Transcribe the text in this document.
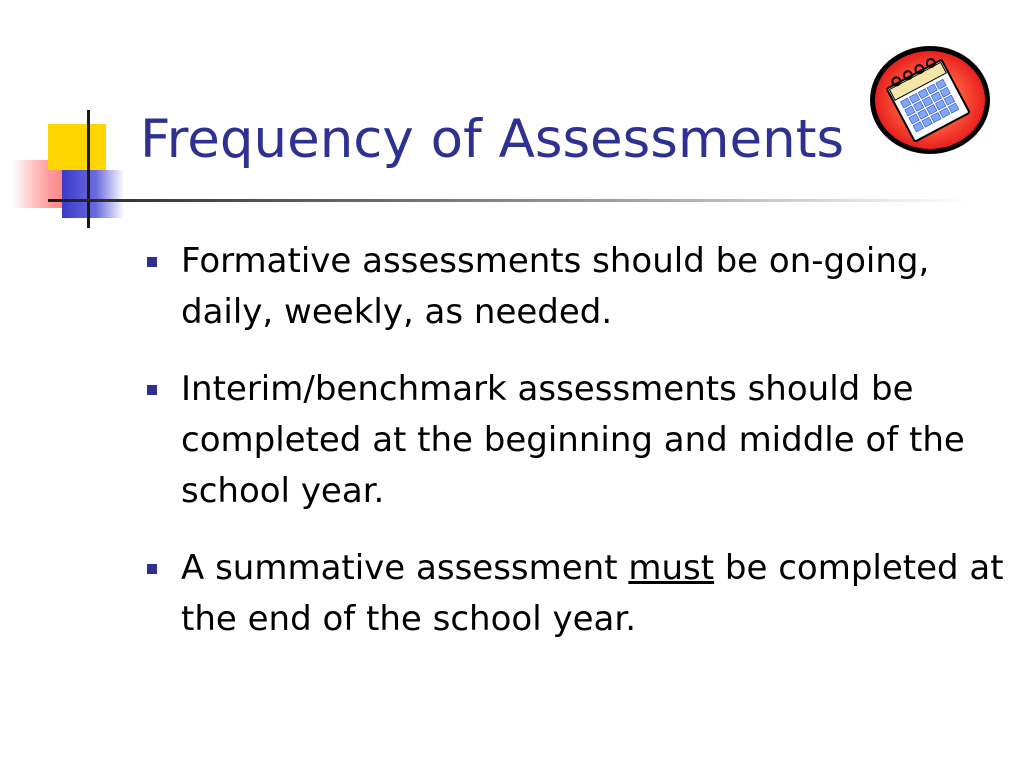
Frequency of Assessments
Formative assessments should be on-going, daily, weekly, as needed.
Interim/benchmark assessments should be completed at the beginning and middle of the school year.
A summative assessment must be completed at the end of the school year.
